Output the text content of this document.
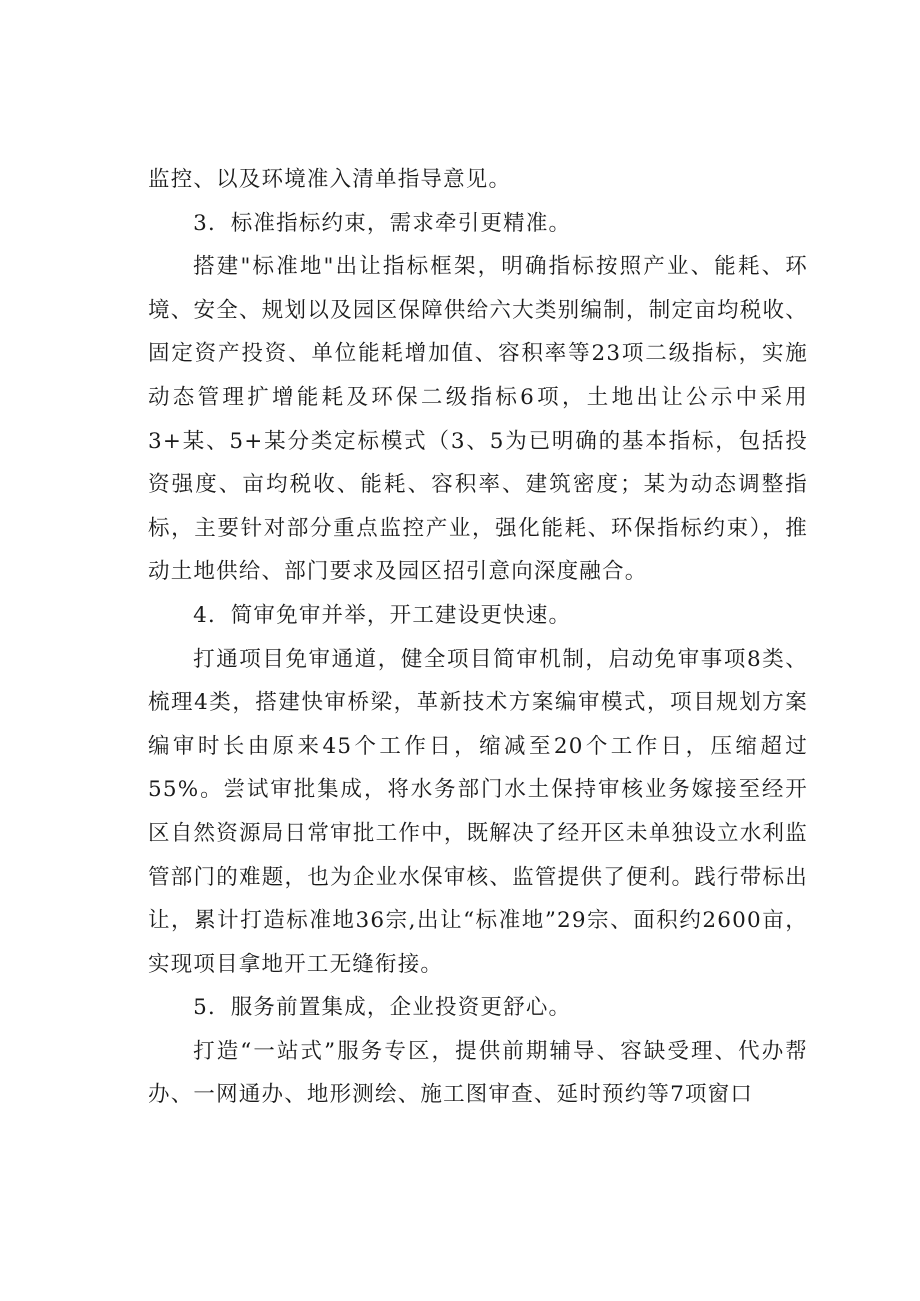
监控、以及环境准入清单指导意见。

3．标准指标约束，需求牵引更精准。

搭建"标准地"出让指标框架，明确指标按照产业、能耗、环境、安全、规划以及园区保障供给六大类别编制，制定亩均税收、固定资产投资、单位能耗增加值、容积率等23项二级指标，实施动态管理扩增能耗及环保二级指标6项，土地出让公示中采用3+某、5+某分类定标模式（3、5为已明确的基本指标，包括投资强度、亩均税收、能耗、容积率、建筑密度；某为动态调整指标，主要针对部分重点监控产业，强化能耗、环保指标约束），推动土地供给、部门要求及园区招引意向深度融合。

4．简审免审并举，开工建设更快速。

打通项目免审通道，健全项目简审机制，启动免审事项8类、梳理4类，搭建快审桥梁，革新技术方案编审模式，项目规划方案编审时长由原来45个工作日，缩减至20个工作日，压缩超过55%。尝试审批集成，将水务部门水土保持审核业务嫁接至经开区自然资源局日常审批工作中，既解决了经开区未单独设立水利监管部门的难题，也为企业水保审核、监管提供了便利。践行带标出让，累计打造标准地36宗,出让“标准地”29宗、面积约2600亩，实现项目拿地开工无缝衔接。

5．服务前置集成，企业投资更舒心。

打造“一站式”服务专区，提供前期辅导、容缺受理、代办帮办、一网通办、地形测绘、施工图审查、延时预约等7项窗口
